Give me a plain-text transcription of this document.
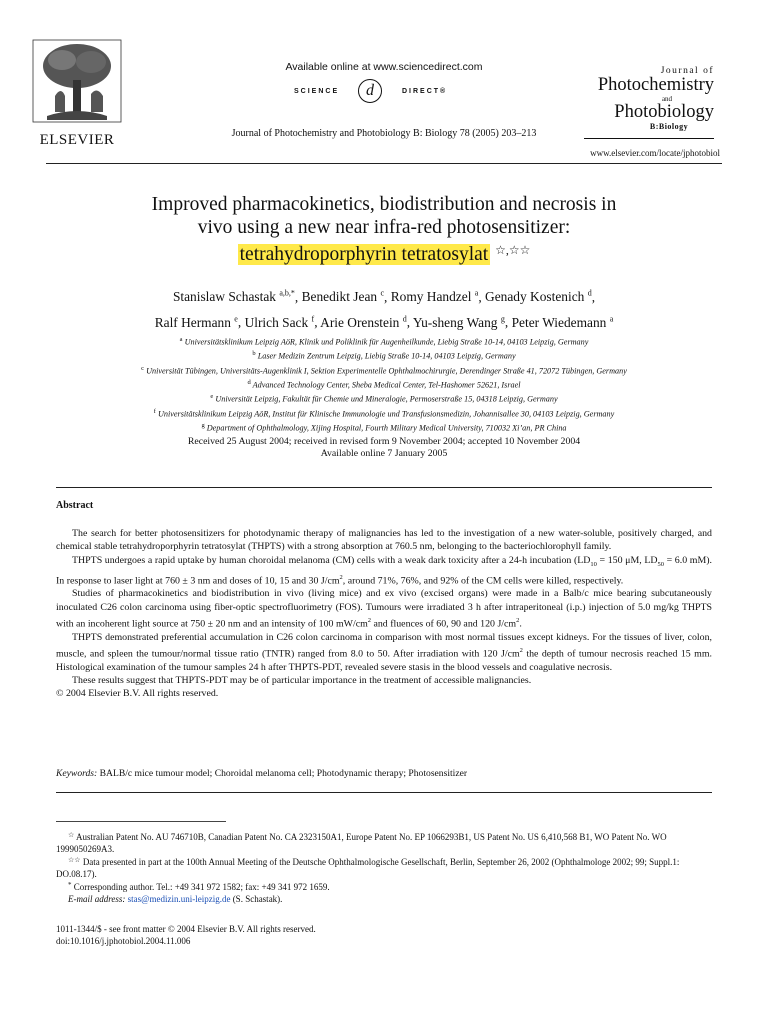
ELSEVIER
Available online at www.sciencedirect.com
SCIENCE	d	DIRECT®
Journal of Photochemistry and Photobiology B: Biology 78 (2005) 203–213
Journal of
Photochemistry
and
Photobiology
B:Biology
www.elsevier.com/locate/jphotobiol
Improved pharmacokinetics, biodistribution and necrosis in
vivo using a new near infra-red photosensitizer:
tetrahydroporphyrin tetratosylat ☆,☆☆
Stanislaw Schastak $^{a,b,*}$, Benedikt Jean $^c$, Romy Handzel $^a$, Genady Kostenich $^d$,
Ralf Hermann $^e$, Ulrich Sack $^f$, Arie Orenstein $^d$, Yu-sheng Wang $^g$, Peter Wiedemann $^a$
$^a$ Universitätsklinikum Leipzig AöR, Klinik und Poliklinik für Augenheilkunde, Liebig Straße 10-14, 04103 Leipzig, Germany
$^b$ Laser Medizin Zentrum Leipzig, Liebig Straße 10-14, 04103 Leipzig, Germany
$^c$ Universität Tübingen, Universitäts-Augenklinik I, Sektion Experimentelle Ophthalmochirurgie, Derendinger Straße 41, 72072 Tübingen, Germany
$^d$ Advanced Technology Center, Sheba Medical Center, Tel-Hashomer 52621, Israel
$^e$ Universität Leipzig, Fakultät für Chemie und Mineralogie, Permoserstraße 15, 04318 Leipzig, Germany
$^f$ Universitätsklinikum Leipzig AöR, Institut für Klinische Immunologie und Transfusionsmedizin, Johannisallee 30, 04103 Leipzig, Germany
$^g$ Department of Ophthalmology, Xijing Hospital, Fourth Military Medical University, 710032 Xi’an, PR China
Received 25 August 2004; received in revised form 9 November 2004; accepted 10 November 2004
Available online 7 January 2005
Abstract

The search for better photosensitizers for photodynamic therapy of malignancies has led to the investigation of a new water-soluble, positively charged, and chemical stable tetrahydroporphyrin tetratosylat (THPTS) with a strong absorption at 760.5 nm, belonging to the bacteriochlorophyll family.

THPTS undergoes a rapid uptake by human choroidal melanoma (CM) cells with a weak dark toxicity after a 24-h incubation ($LD_{10} = 150$ μM, $LD_{50} = 6.0$ mM). In response to laser light at 760 ± 3 nm and doses of 10, 15 and 30 $J/cm^2$, around 71%, 76%, and 92% of the CM cells were killed, respectively.

Studies of pharmacokinetics and biodistribution in vivo (living mice) and ex vivo (excised organs) were made in a Balb/c mice bearing subcutaneously inoculated C26 colon carcinoma using fiber-optic spectrofluorimetry (FOS). Tumours were irradiated 3 h after intraperitoneal (i.p.) injection of 5.0 mg/kg THPTS with an incoherent light source at 750 ± 20 nm and an intensity of 100 $mW/cm^2$ and fluences of 60, 90 and 120 $J/cm^2$.

THPTS demonstrated preferential accumulation in C26 colon carcinoma in comparison with most normal tissues except kidneys. For the tissues of liver, colon, muscle, and spleen the tumour/normal tissue ratio (TNTR) ranged from 8.0 to 50. After irradiation with 120 $J/cm^2$ the depth of tumour necrosis reached 15 mm. Histological examination of the tumour samples 24 h after THPTS-PDT, revealed severe stasis in the blood vessels and coagulative necrosis.

These results suggest that THPTS-PDT may be of particular importance in the treatment of accessible malignancies.

© 2004 Elsevier B.V. All rights reserved.

Keywords: BALB/c mice tumour model; Choroidal melanoma cell; Photodynamic therapy; Photosensitizer

☆ Australian Patent No. AU 746710B, Canadian Patent No. CA 2323150A1, Europe Patent No. EP 1066293B1, US Patent No. US 6,410,568 B1, WO Patent No. WO 1999050269A3.

☆☆ Data presented in part at the 100th Annual Meeting of the Deutsche Ophthalmologische Gesellschaft, Berlin, September 26, 2002 (Ophthalmologe 2002; 99; Suppl.1: DO.08.17).

* Corresponding author. Tel.: +49 341 972 1582; fax: +49 341 972 1659.

E-mail address: stas@medizin.uni-leipzig.de (S. Schastak).

1011-1344/$ - see front matter © 2004 Elsevier B.V. All rights reserved.
doi:10.1016/j.jphotobiol.2004.11.006
